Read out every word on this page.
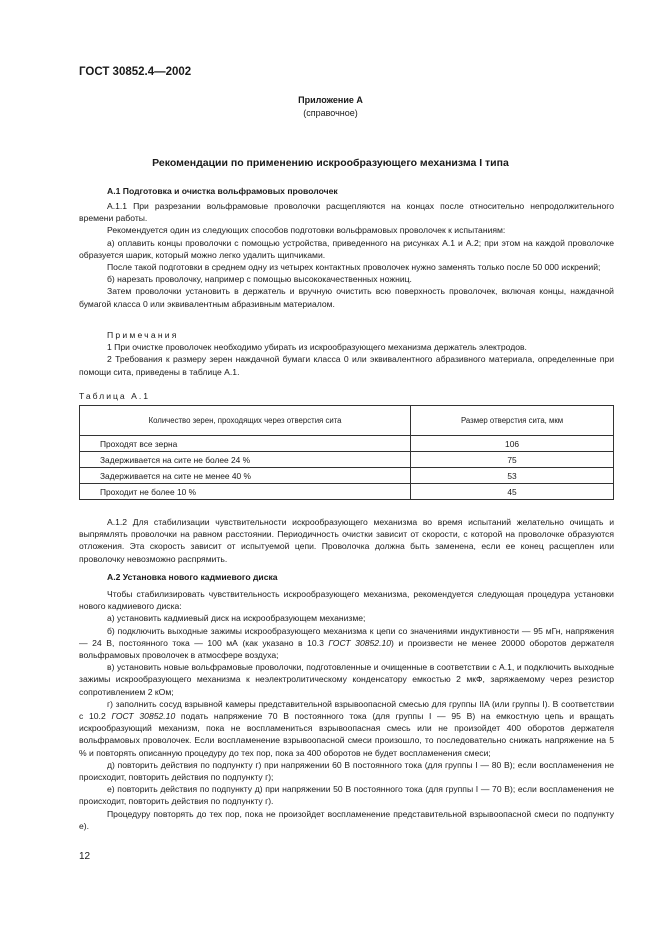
ГОСТ 30852.4—2002
Приложение А
(справочное)
Рекомендации по применению искрообразующего механизма I типа
А.1 Подготовка и очистка вольфрамовых проволочек

А.1.1 При разрезании вольфрамовые проволочки расщепляются на концах после относительно непродолжительного времени работы.

Рекомендуется один из следующих способов подготовки вольфрамовых проволочек к испытаниям:

а) оплавить концы проволочки с помощью устройства, приведенного на рисунках А.1 и А.2; при этом на каждой проволочке образуется шарик, который можно легко удалить щипчиками.

После такой подготовки в среднем одну из четырех контактных проволочек нужно заменять только после 50 000 искрений;

б) нарезать проволочку, например с помощью высококачественных ножниц.

Затем проволочки установить в держатель и вручную очистить всю поверхность проволочек, включая концы, наждачной бумагой класса 0 или эквивалентным абразивным материалом.

Примечания

1 При очистке проволочек необходимо убирать из искрообразующего механизма держатель электродов.

2 Требования к размеру зерен наждачной бумаги класса 0 или эквивалентного абразивного материала, определенные при помощи сита, приведены в таблице А.1.

Таблица А.1
Количество зерен, проходящих через отверстия сита	Размер отверстия сита, мкм
Проходят все зерна	106
Задерживается на сите не более 24 %	75
Задерживается на сите не менее 40 %	53
Проходит не более 10 %	45

А.1.2 Для стабилизации чувствительности искрообразующего механизма во время испытаний желательно очищать и выпрямлять проволочки на равном расстоянии. Периодичность очистки зависит от скорости, с которой на проволочке образуются отложения. Эта скорость зависит от испытуемой цепи. Проволочка должна быть заменена, если ее конец расщеплен или проволочку невозможно распрямить.

А.2 Установка нового кадмиевого диска

Чтобы стабилизировать чувствительность искрообразующего механизма, рекомендуется следующая процедура установки нового кадмиевого диска:

а) установить кадмиевый диск на искрообразующем механизме;

б) подключить выходные зажимы искрообразующего механизма к цепи со значениями индуктивности — 95 мГн, напряжения — 24 В, постоянного тока — 100 мА (как указано в 10.3 ГОСТ 30852.10) и произвести не менее 20000 оборотов держателя вольфрамовых проволочек в атмосфере воздуха;

в) установить новые вольфрамовые проволочки, подготовленные и очищенные в соответствии с А.1, и подключить выходные зажимы искрообразующего механизма к неэлектролитическому конденсатору емкостью 2 мкФ, заряжаемому через резистор сопротивлением 2 кОм;

г) заполнить сосуд взрывной камеры представительной взрывоопасной смесью для группы IIA (или группы I). В соответствии с 10.2 ГОСТ 30852.10 подать напряжение 70 В постоянного тока (для группы I — 95 В) на емкостную цепь и вращать искрообразующий механизм, пока не воспламениться взрывоопасная смесь или не произойдет 400 оборотов держателя вольфрамовых проволочек. Если воспламенение взрывоопасной смеси произошло, то последовательно снижать напряжение на 5 % и повторять описанную процедуру до тех пор, пока за 400 оборотов не будет воспламенения смеси;

д) повторить действия по подпункту г) при напряжении 60 В постоянного тока (для группы I — 80 В); если воспламенения не происходит, повторить действия по подпункту г);

е) повторить действия по подпункту д) при напряжении 50 В постоянного тока (для группы I — 70 В); если воспламенения не происходит, повторить действия по подпункту г).

Процедуру повторять до тех пор, пока не произойдет воспламенение представительной взрывоопасной смеси по подпункту е).

12
